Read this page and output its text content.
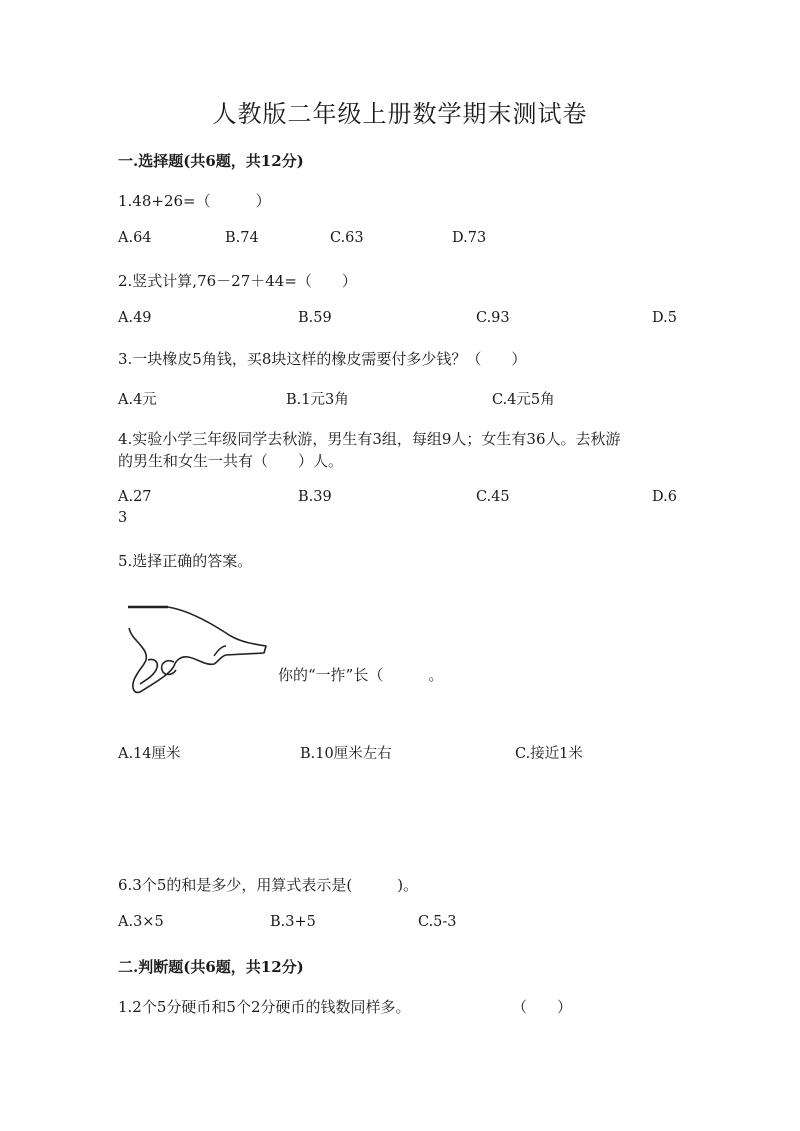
人教版二年级上册数学期末测试卷
一.选择题(共6题，共12分)
1.48+26=（　　　）
A.64	B.74	C.63	D.73
2.竖式计算,76－27＋44=（　　）
A.49	B.59	C.93	D.5
3.一块橡皮5角钱，买8块这样的橡皮需要付多少钱？（　　）
A.4元	B.1元3角	C.4元5角
4.实验小学三年级同学去秋游，男生有3组，每组9人；女生有36人。去秋游
的男生和女生一共有（　　）人。
A.27	B.39	C.45	D.6
3
5.选择正确的答案。
你的“一拃”长（　　　。
A.14厘米	B.10厘米左右	C.接近1米
6.3个5的和是多少，用算式表示是(　　　)。
A.3×5	B.3+5	C.5-3
二.判断题(共6题，共12分)
1.2个5分硬币和5个2分硬币的钱数同样多。	（　　）
